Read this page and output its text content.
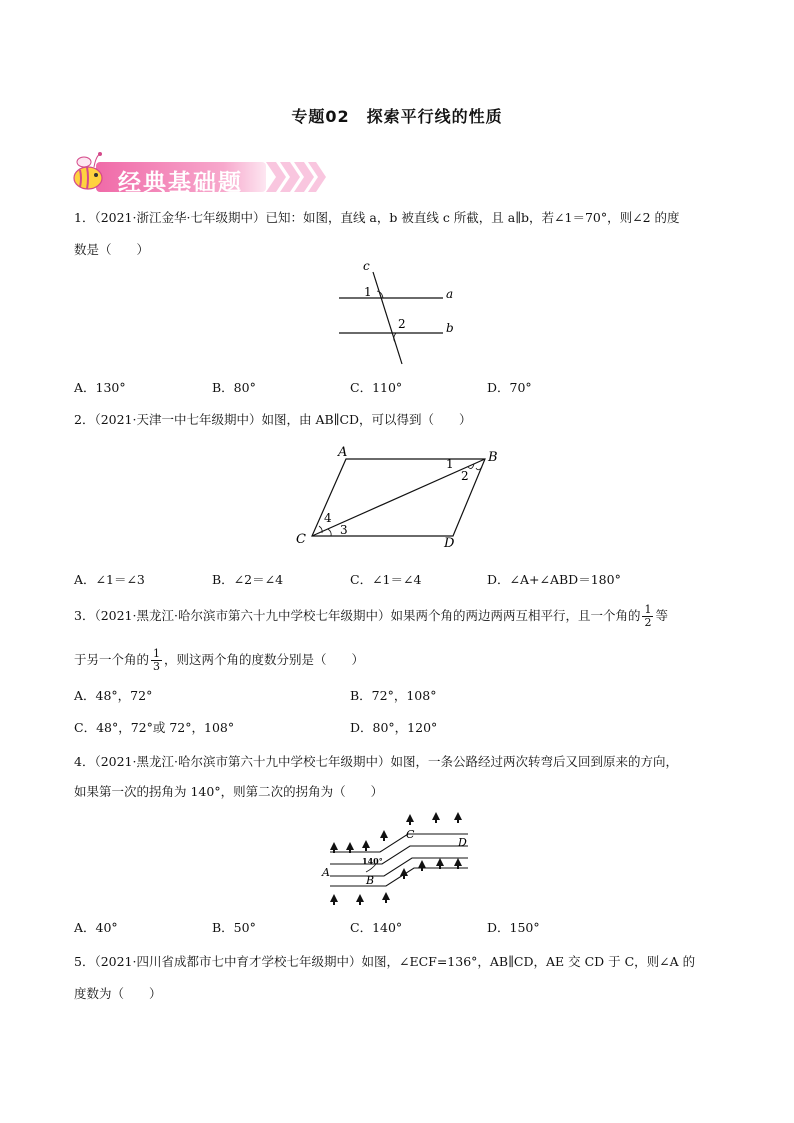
专题02　探索平行线的性质
经典基础题
1．（2021·浙江金华·七年级期中）已知：如图，直线 a，b 被直线 c 所截，且 a∥b，若∠1＝70°，则∠2 的度
数是（　　）
c
a
b
1
2
A．130°	B．80°	C．110°	D．70°
2．（2021·天津一中七年级期中）如图，由 AB∥CD，可以得到（　　）
A	B
C	D
1
2
3
4
A．∠1＝∠3	B．∠2＝∠4	C．∠1＝∠4	D．∠A+∠ABD＝180°
3．（2021·黑龙江·哈尔滨市第六十九中学校七年级期中）如果两个角的两边两两互相平行，且一个角的 $\frac{1}{2}$ 等
于另一个角的 $\frac{1}{3}$ ，则这两个角的度数分别是（　　）
A．48°，72°	B．72°，108°
C．48°，72°或 72°，108°	D．80°，120°
4．（2021·黑龙江·哈尔滨市第六十九中学校七年级期中）如图，一条公路经过两次转弯后又回到原来的方向，
如果第一次的拐角为 140°，则第二次的拐角为（　　）
C
D
A
B
140°
A．40°	B．50°	C．140°	D．150°
5．（2021·四川省成都市七中育才学校七年级期中）如图，∠ECF=136°，AB∥CD，AE 交 CD 于 C，则∠A 的
度数为（　　）
